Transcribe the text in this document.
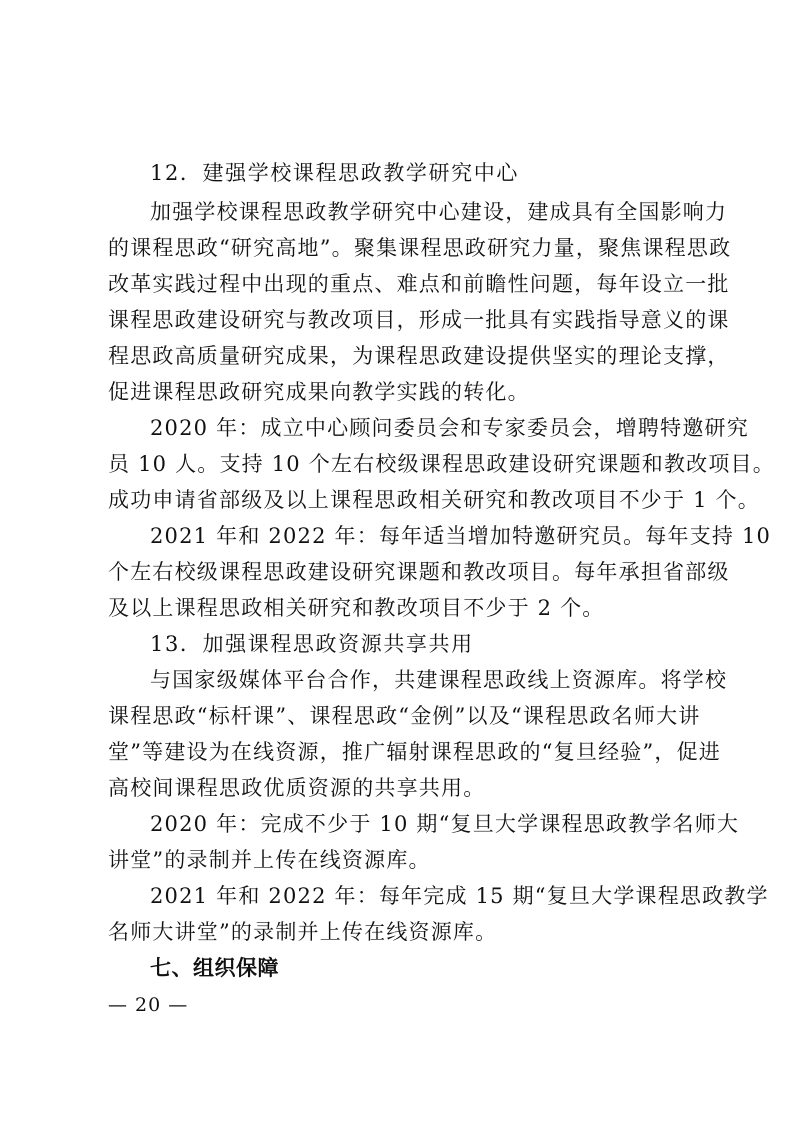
12．建强学校课程思政教学研究中心
加强学校课程思政教学研究中心建设，建成具有全国影响力
的课程思政“研究高地”。聚集课程思政研究力量，聚焦课程思政
改革实践过程中出现的重点、难点和前瞻性问题，每年设立一批
课程思政建设研究与教改项目，形成一批具有实践指导意义的课
程思政高质量研究成果，为课程思政建设提供坚实的理论支撑，
促进课程思政研究成果向教学实践的转化。
2020 年：成立中心顾问委员会和专家委员会，增聘特邀研究
员 10 人。支持 10 个左右校级课程思政建设研究课题和教改项目。
成功申请省部级及以上课程思政相关研究和教改项目不少于 1 个。
2021 年和 2022 年：每年适当增加特邀研究员。每年支持 10
个左右校级课程思政建设研究课题和教改项目。每年承担省部级
及以上课程思政相关研究和教改项目不少于 2 个。
13．加强课程思政资源共享共用
与国家级媒体平台合作，共建课程思政线上资源库。将学校
课程思政“标杆课”、课程思政“金例”以及“课程思政名师大讲
堂”等建设为在线资源，推广辐射课程思政的“复旦经验”，促进
高校间课程思政优质资源的共享共用。
2020 年：完成不少于 10 期“复旦大学课程思政教学名师大
讲堂”的录制并上传在线资源库。
2021 年和 2022 年：每年完成 15 期“复旦大学课程思政教学
名师大讲堂”的录制并上传在线资源库。
七、组织保障
— 20 —
